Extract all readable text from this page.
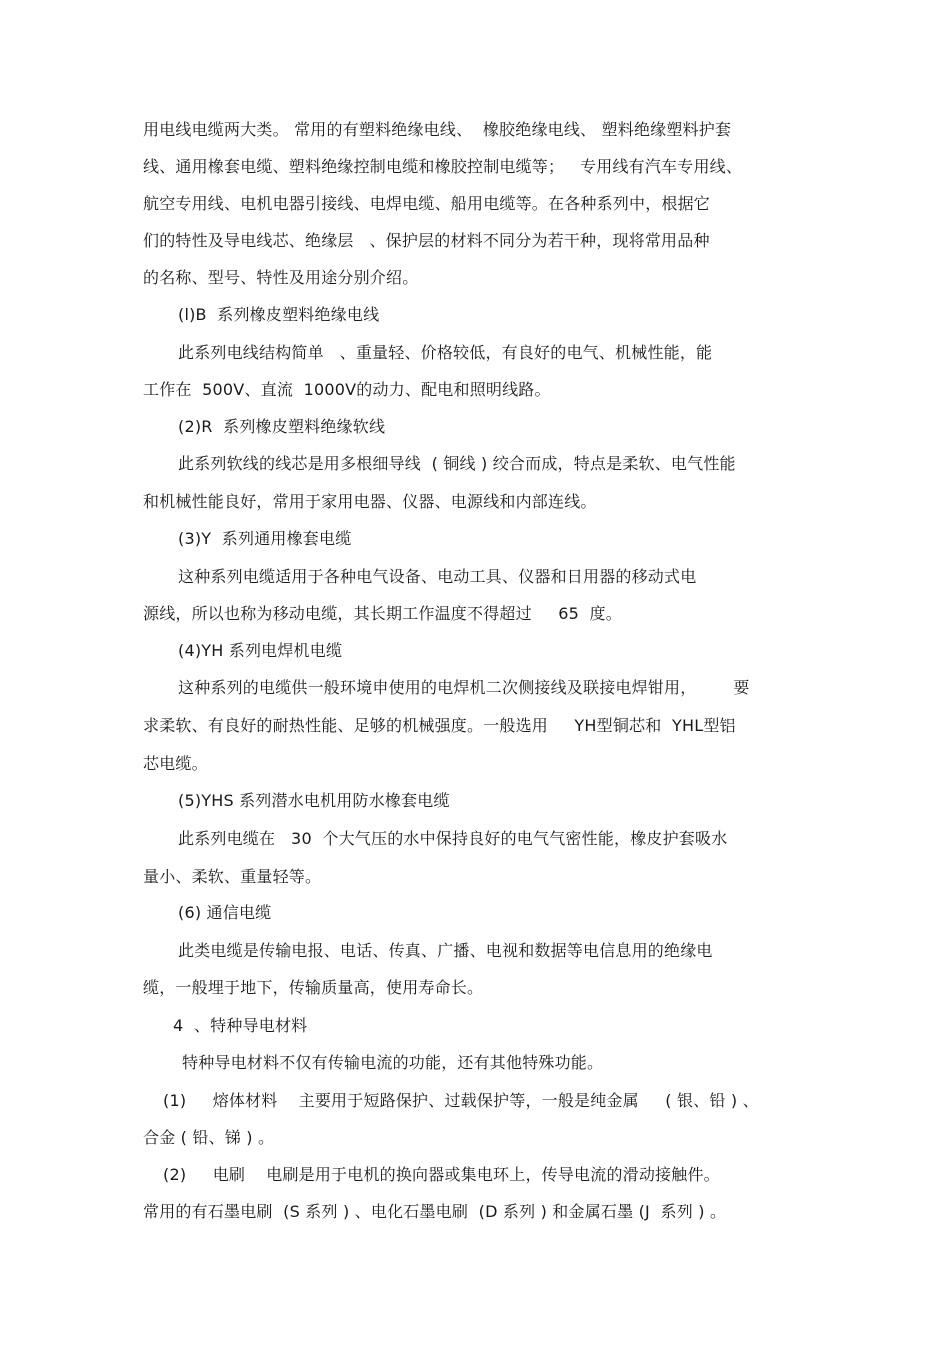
用电线电缆两大类。 常用的有塑料绝缘电线、  橡胶绝缘电线、 塑料绝缘塑料护套
线、通用橡套电缆、塑料绝缘控制电缆和橡胶控制电缆等；   专用线有汽车专用线、
航空专用线、电机电器引接线、电焊电缆、船用电缆等。在各种系列中，根据它
们的特性及导电线芯、绝缘层   、保护层的材料不同分为若干种，现将常用品种
的名称、型号、特性及用途分别介绍。
(l)B  系列橡皮塑料绝缘电线
此系列电线结构简单   、重量轻、价格较低，有良好的电气、机械性能，能
工作在  500V、直流  1000V的动力、配电和照明线路。
(2)R  系列橡皮塑料绝缘软线
此系列软线的线芯是用多根细导线  ( 铜线 ) 绞合而成，特点是柔软、电气性能
和机械性能良好，常用于家用电器、仪器、电源线和内部连线。
(3)Y  系列通用橡套电缆
这种系列电缆适用于各种电气设备、电动工具、仪器和日用器的移动式电
源线，所以也称为移动电缆，其长期工作温度不得超过     65  度。
(4)YH 系列电焊机电缆
这种系列的电缆供一般环境申使用的电焊机二次侧接线及联接电焊钳用，       要
求柔软、有良好的耐热性能、足够的机械强度。一般选用     YH型铜芯和  YHL型铝
芯电缆。
(5)YHS 系列潜水电机用防水橡套电缆
此系列电缆在   30  个大气压的水中保持良好的电气气密性能，橡皮护套吸水
量小、柔软、重量轻等。
(6) 通信电缆
此类电缆是传输电报、电话、传真、广播、电视和数据等电信息用的绝缘电
缆，一般埋于地下，传输质量高，使用寿命长。
4  、特种导电材料
特种导电材料不仅有传输电流的功能，还有其他特殊功能。
(1)     熔体材料    主要用于短路保护、过载保护等，一般是纯金属     ( 银、铅 ) 、
合金 ( 铅、锑 ) 。
(2)     电刷    电刷是用于电机的换向器或集电环上，传导电流的滑动接触件。
常用的有石墨电刷  (S 系列 ) 、电化石墨电刷  (D 系列 ) 和金属石墨 (J  系列 ) 。
